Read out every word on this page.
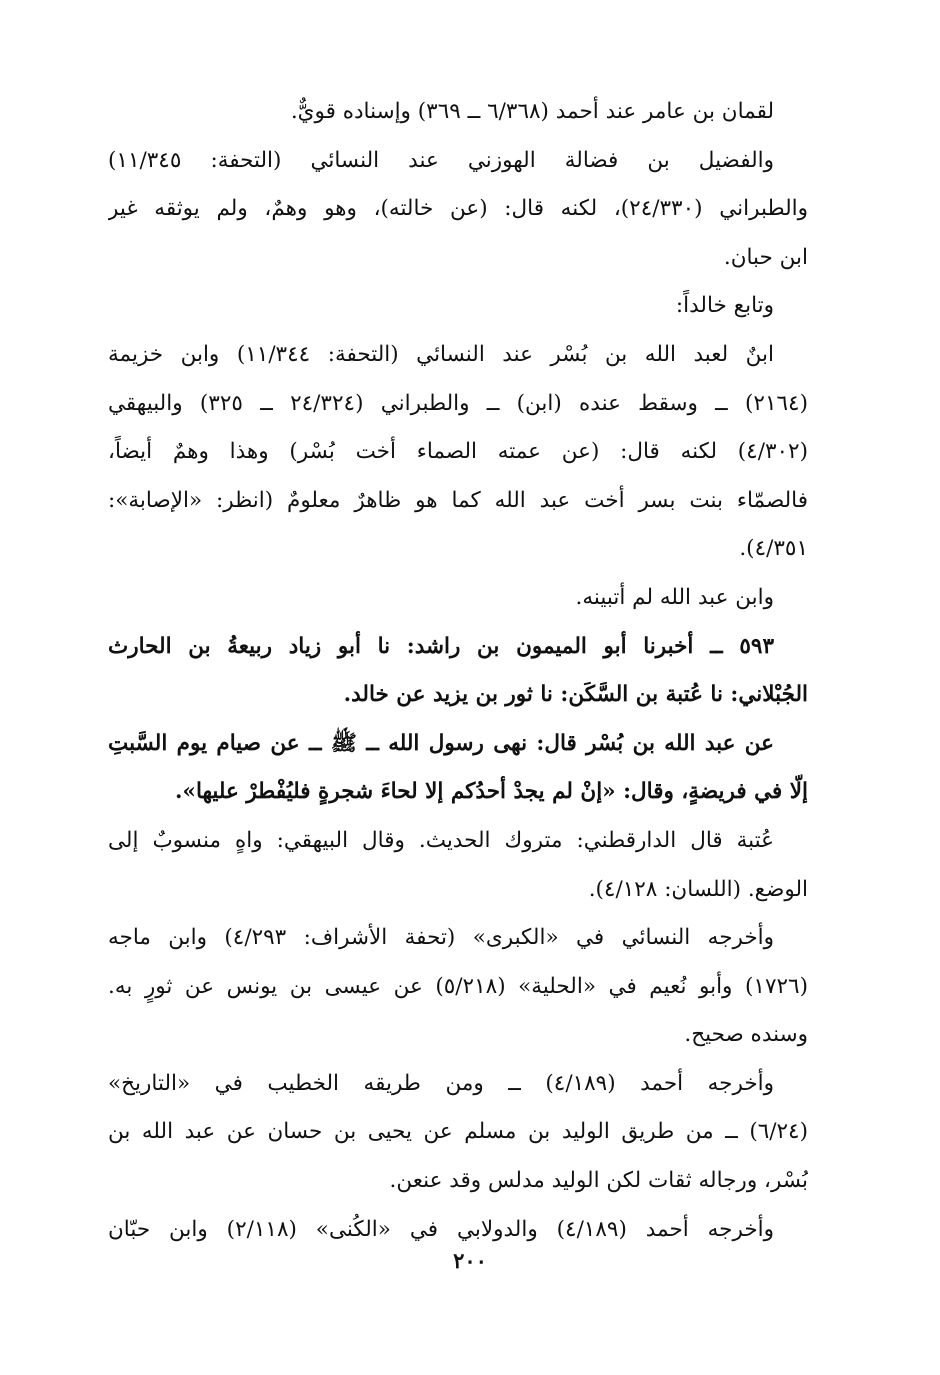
لقمان بن عامر عند أحمد (٦/٣٦٨ ــ ٣٦٩) وإسناده قويٌّ.
والفضيل بن فضالة الهوزني عند النسائي (التحفة: ١١/٣٤٥)
والطبراني (٢٤/٣٣٠)، لكنه قال: (عن خالته)، وهو وهمٌ، ولم يوثقه غير
ابن حبان.
وتابع خالداً:
ابنٌ لعبد الله بن بُسْر عند النسائي (التحفة: ١١/٣٤٤) وابن خزيمة
(٢١٦٤) ــ وسقط عنده (ابن) ــ والطبراني (٢٤/٣٢٤ ــ ٣٢٥) والبيهقي
(٤/٣٠٢) لكنه قال: (عن عمته الصماء أخت بُسْر) وهذا وهمٌ أيضاً،
فالصمّاء بنت بسر أخت عبد الله كما هو ظاهرٌ معلومٌ (انظر: «الإصابة»:
٤/٣٥١).
وابن عبد الله لم أتبينه.
٥٩٣ ــ أخبرنا أبو الميمون بن راشد: نا أبو زياد ربيعةُ بن الحارث
الجُبْلاني: نا عُتبة بن السَّكَن: نا ثور بن يزيد عن خالد.
عن عبد الله بن بُسْر قال: نهى رسول الله ــ ﷺ ــ عن صيام يوم السَّبتِ
إلّا في فريضةٍ، وقال: «إنْ لم يجدْ أحدُكم إلا لحاءَ شجرةٍ فليُفْطرْ عليها».
عُتبة قال الدارقطني: متروك الحديث. وقال البيهقي: واهٍ منسوبٌ إلى
الوضع. (اللسان: ٤/١٢٨).
وأخرجه النسائي في «الكبرى» (تحفة الأشراف: ٤/٢٩٣) وابن ماجه
(١٧٢٦) وأبو نُعيم في «الحلية» (٥/٢١٨) عن عيسى بن يونس عن ثورٍ به.
وسنده صحيح.
وأخرجه أحمد (٤/١٨٩) ــ ومن طريقه الخطيب في «التاريخ»
(٦/٢٤) ــ من طريق الوليد بن مسلم عن يحيى بن حسان عن عبد الله بن
بُسْر، ورجاله ثقات لكن الوليد مدلس وقد عنعن.
وأخرجه أحمد (٤/١٨٩) والدولابي في «الكُنى» (٢/١١٨) وابن حبّان
٢٠٠
